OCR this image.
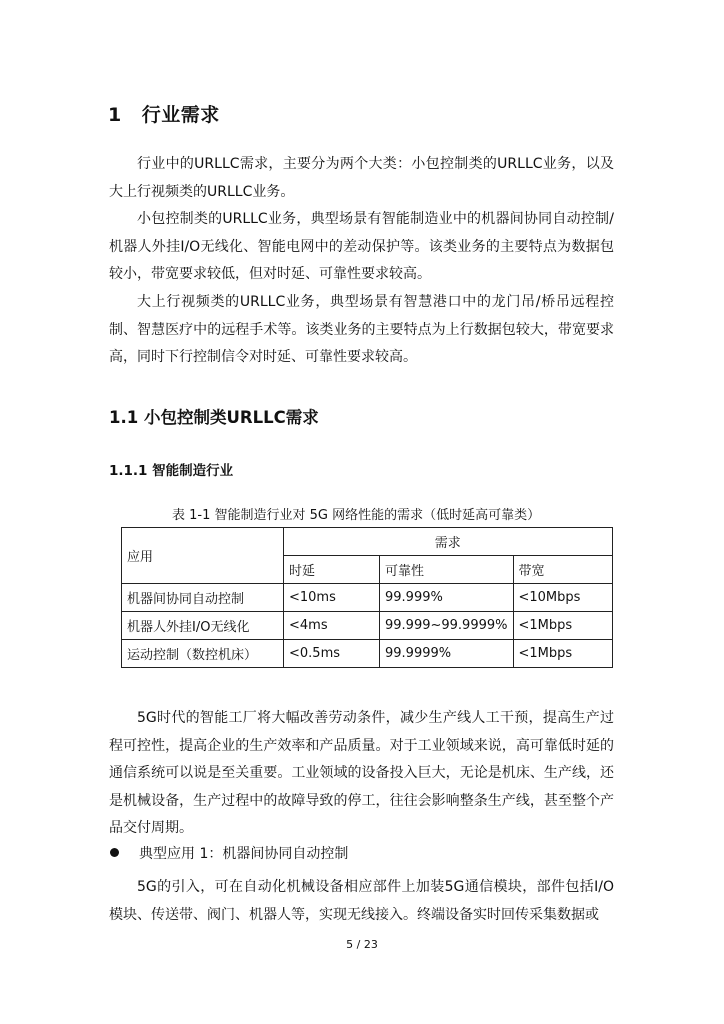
1 行业需求

行业中的URLLC需求，主要分为两个大类：小包控制类的URLLC业务，以及大上行视频类的URLLC业务。

小包控制类的URLLC业务，典型场景有智能制造业中的机器间协同自动控制/机器人外挂I/O无线化、智能电网中的差动保护等。该类业务的主要特点为数据包较小，带宽要求较低，但对时延、可靠性要求较高。

大上行视频类的URLLC业务，典型场景有智慧港口中的龙门吊/桥吊远程控制、智慧医疗中的远程手术等。该类业务的主要特点为上行数据包较大，带宽要求高，同时下行控制信令对时延、可靠性要求较高。

1.1 小包控制类URLLC需求
1.1.1 智能制造行业
表 1-1 智能制造行业对 5G 网络性能的需求（低时延高可靠类）
应用	需求		
	时延	可靠性	带宽
机器间协同自动控制	<10ms	99.999%	<10Mbps
机器人外挂I/O无线化	<4ms	99.999~99.9999%	<1Mbps
运动控制（数控机床）	<0.5ms	99.9999%	<1Mbps

5G时代的智能工厂将大幅改善劳动条件，减少生产线人工干预，提高生产过程可控性，提高企业的生产效率和产品质量。对于工业领域来说，高可靠低时延的通信系统可以说是至关重要。工业领域的设备投入巨大，无论是机床、生产线，还是机械设备，生产过程中的故障导致的停工，往往会影响整条生产线，甚至整个产品交付周期。

典型应用 1：机器间协同自动控制

5G的引入，可在自动化机械设备相应部件上加装5G通信模块，部件包括I/O模块、传送带、阀门、机器人等，实现无线接入。终端设备实时回传采集数据或

5 / 23
